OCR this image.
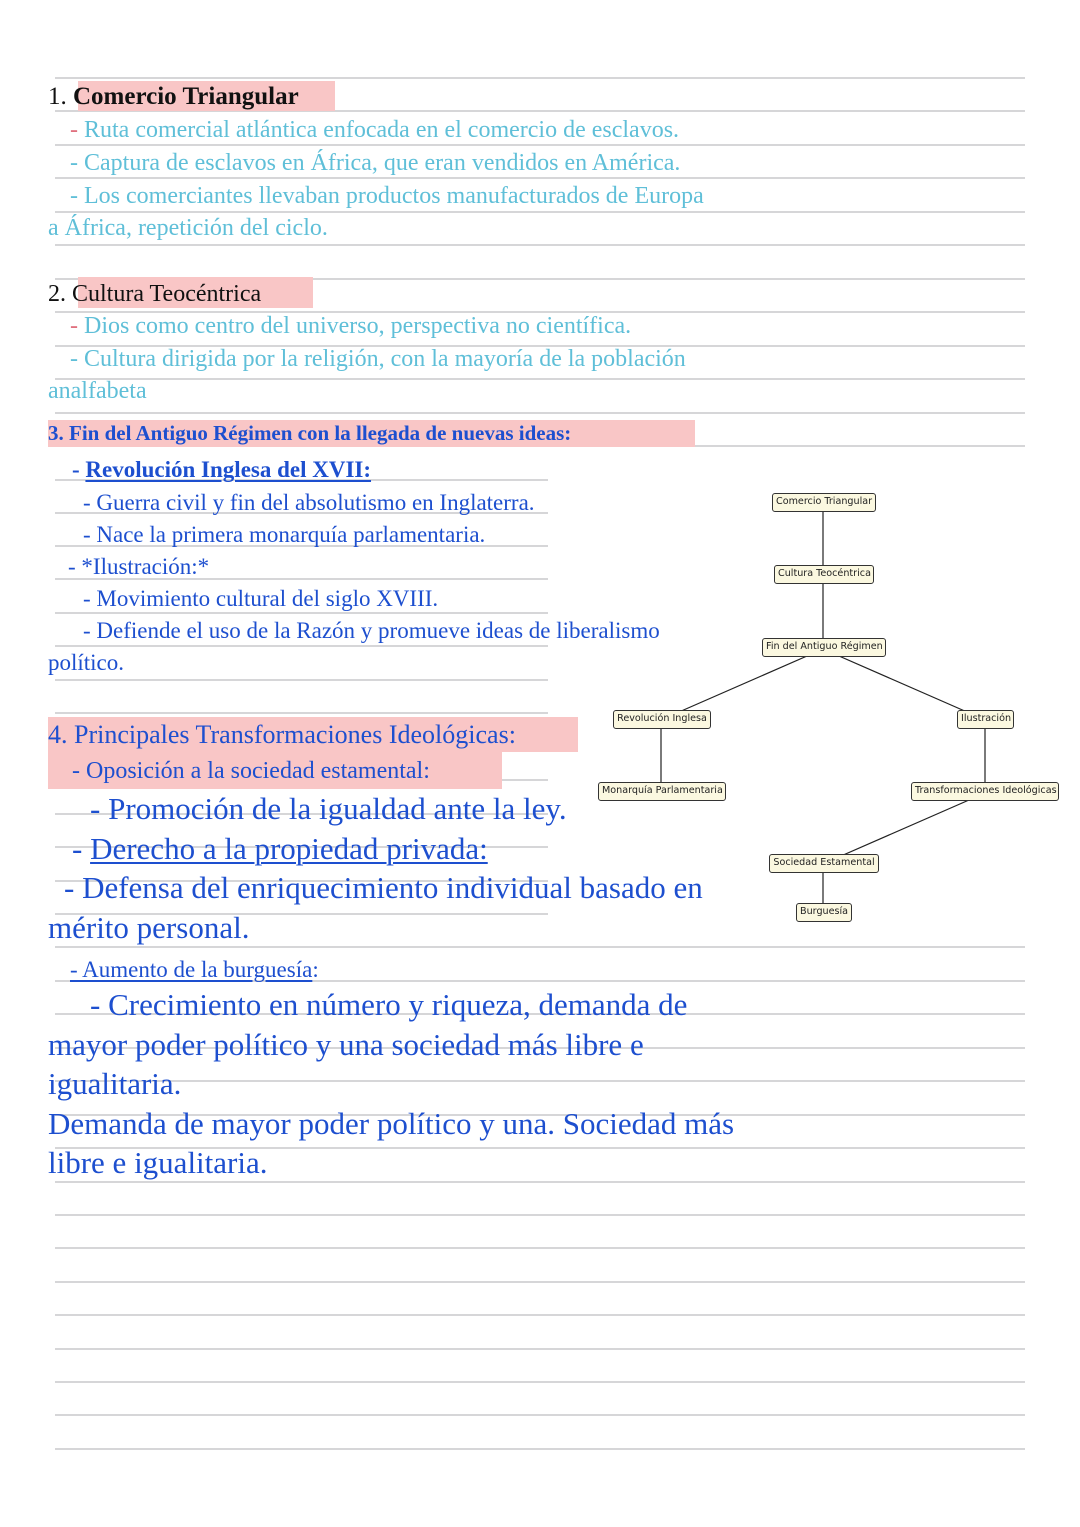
1. Comercio Triangular
- Ruta comercial atlántica enfocada en el comercio de esclavos.
- Captura de esclavos en África, que eran vendidos en América.
- Los comerciantes llevaban productos manufacturados de Europa
a África, repetición del ciclo.
2. Cultura Teocéntrica
- Dios como centro del universo, perspectiva no científica.
- Cultura dirigida por la religión, con la mayoría de la población
analfabeta
3. Fin del Antiguo Régimen con la llegada de nuevas ideas:
- Revolución Inglesa del XVII:
- Guerra civil y fin del absolutismo en Inglaterra.
- Nace la primera monarquía parlamentaria.
- *Ilustración:*
- Movimiento cultural del siglo XVIII.
- Defiende el uso de la Razón y promueve ideas de liberalismo
político.
4. Principales Transformaciones Ideológicas:
- Oposición a la sociedad estamental:
- Promoción de la igualdad ante la ley.
- Derecho a la propiedad privada:
- Defensa del enriquecimiento individual basado en
mérito personal.
- Aumento de la burguesía:
- Crecimiento en número y riqueza, demanda de
mayor poder político y una sociedad más libre e
igualitaria.
Demanda de mayor poder político y una. Sociedad más
libre e igualitaria.
Comercio Triangular
Cultura Teocéntrica
Fin del Antiguo Régimen
Revolución Inglesa	Ilustración
Monarquía Parlamentaria	Transformaciones Ideológicas
Sociedad Estamental
Burguesía
